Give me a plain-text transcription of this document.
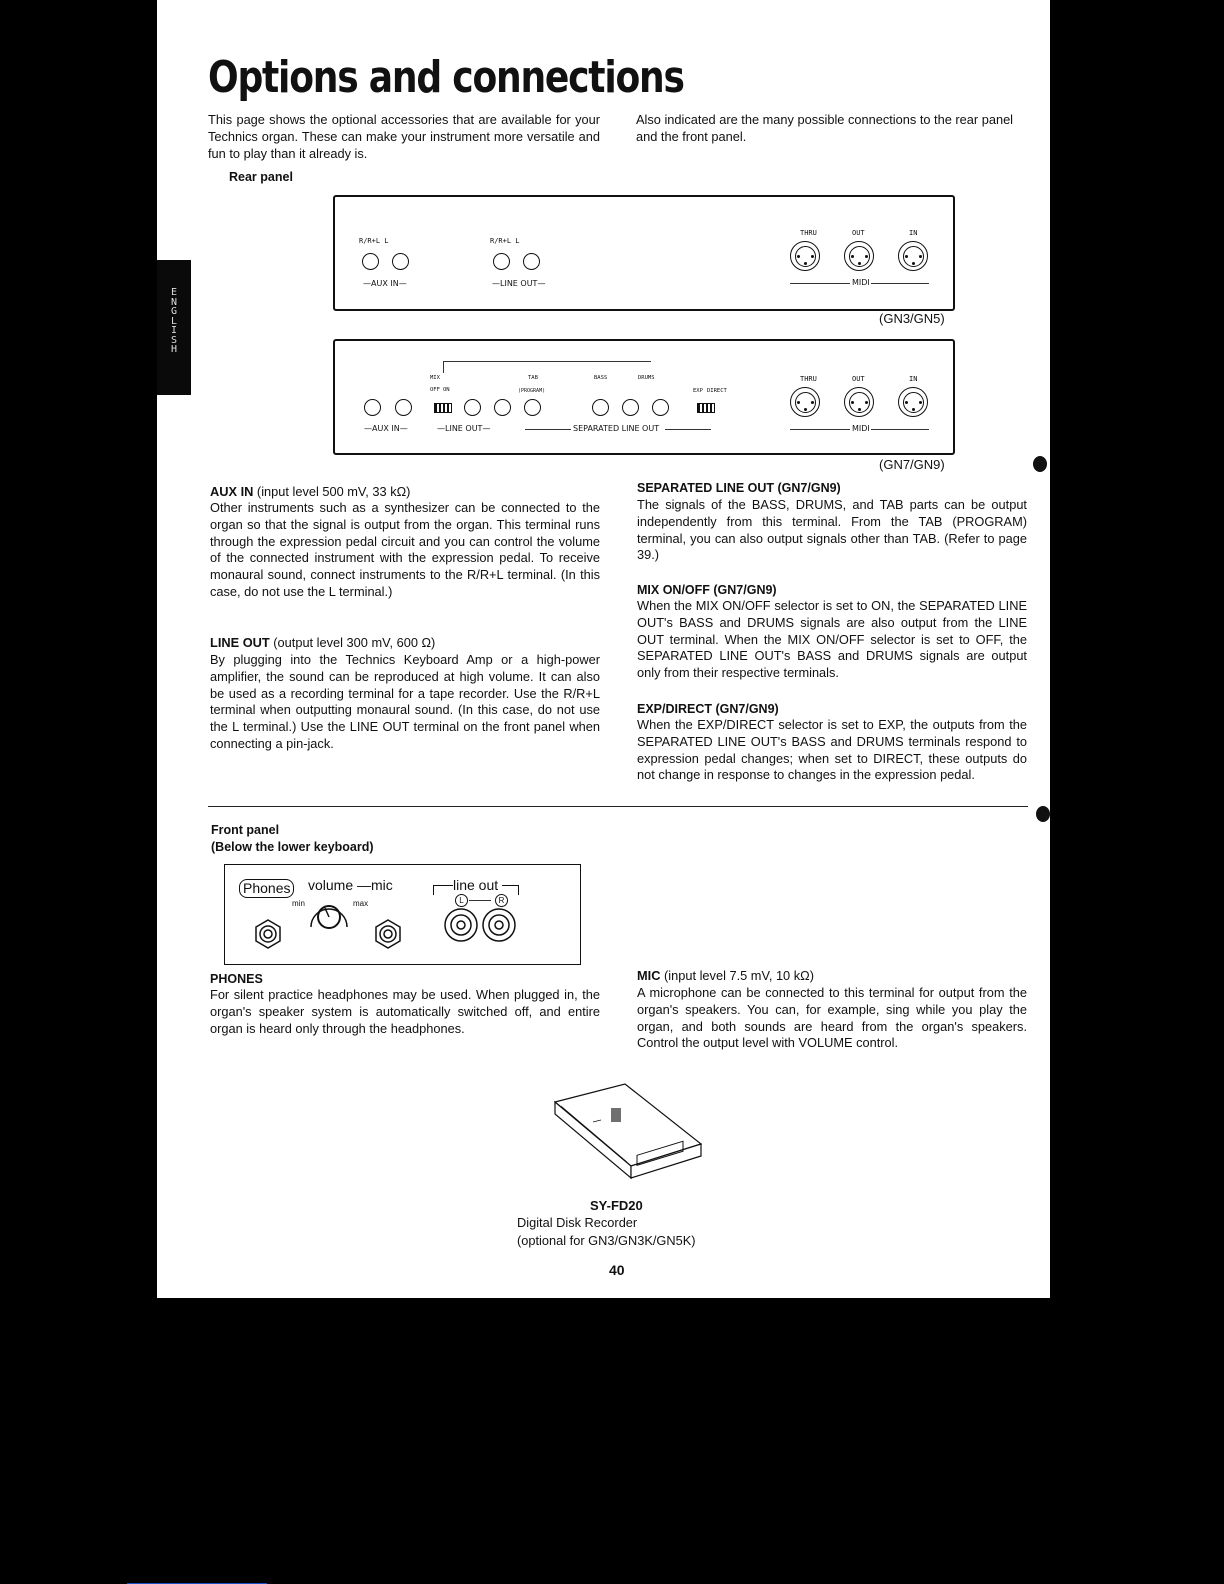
E
N
G
L
I
S
H
Options and connections

This page shows the optional accessories that are available for your Technics organ. These can make your instrument more versatile and fun to play than it already is.

Also indicated are the many possible connections to the rear panel and the front panel.

Rear panel
R/R+L L
—AUX IN—
R/R+L L
—LINE OUT—
THRU	OUT	IN
MIDI
(GN3/GN5)
MIX
OFF ON
TAB
(PROGRAM)
BASS	DRUMS
EXP DIRECT
—AUX IN—	—LINE OUT—	SEPARATED LINE OUT
THRU	OUT	IN
MIDI
(GN7/GN9)
AUX IN (input level 500 mV, 33 kΩ)

Other instruments such as a synthesizer can be connected to the organ so that the signal is output from the organ. This terminal runs through the expression pedal circuit and you can control the volume of the connected instrument with the expression pedal. To receive monaural sound, connect instruments to the R/R+L terminal. (In this case, do not use the L terminal.)

LINE OUT (output level 300 mV, 600 Ω)

By plugging into the Technics Keyboard Amp or a high-power amplifier, the sound can be reproduced at high volume. It can also be used as a recording terminal for a tape recorder. Use the R/R+L terminal when outputting monaural sound. (In this case, do not use the L terminal.) Use the LINE OUT terminal on the front panel when connecting a pin-jack.

SEPARATED LINE OUT (GN7/GN9)

The signals of the BASS, DRUMS, and TAB parts can be output independently from this terminal. From the TAB (PROGRAM) terminal, you can also output signals other than TAB. (Refer to page 39.)

MIX ON/OFF (GN7/GN9)

When the MIX ON/OFF selector is set to ON, the SEPARATED LINE OUT's BASS and DRUMS signals are also output from the LINE OUT terminal. When the MIX ON/OFF selector is set to OFF, the SEPARATED LINE OUT's BASS and DRUMS signals are output only from their respective terminals.

EXP/DIRECT (GN7/GN9)

When the EXP/DIRECT selector is set to EXP, the outputs from the SEPARATED LINE OUT's BASS and DRUMS terminals respond to expression pedal changes; when set to DIRECT, these outputs do not change in response to changes in the expression pedal.

Front panel
(Below the lower keyboard)
Phones volume —mic
min	max
line out
L	R
PHONES

For silent practice headphones may be used. When plugged in, the organ's speaker system is automatically switched off, and entire organ is heard only through the headphones.

MIC (input level 7.5 mV, 10 kΩ)

A microphone can be connected to this terminal for output from the organ's speakers. You can, for example, sing while you play the organ, and both sounds are heard from the organ's speakers. Control the output level with VOLUME control.

SY-FD20
Digital Disk Recorder
(optional for GN3/GN3K/GN5K)
40
